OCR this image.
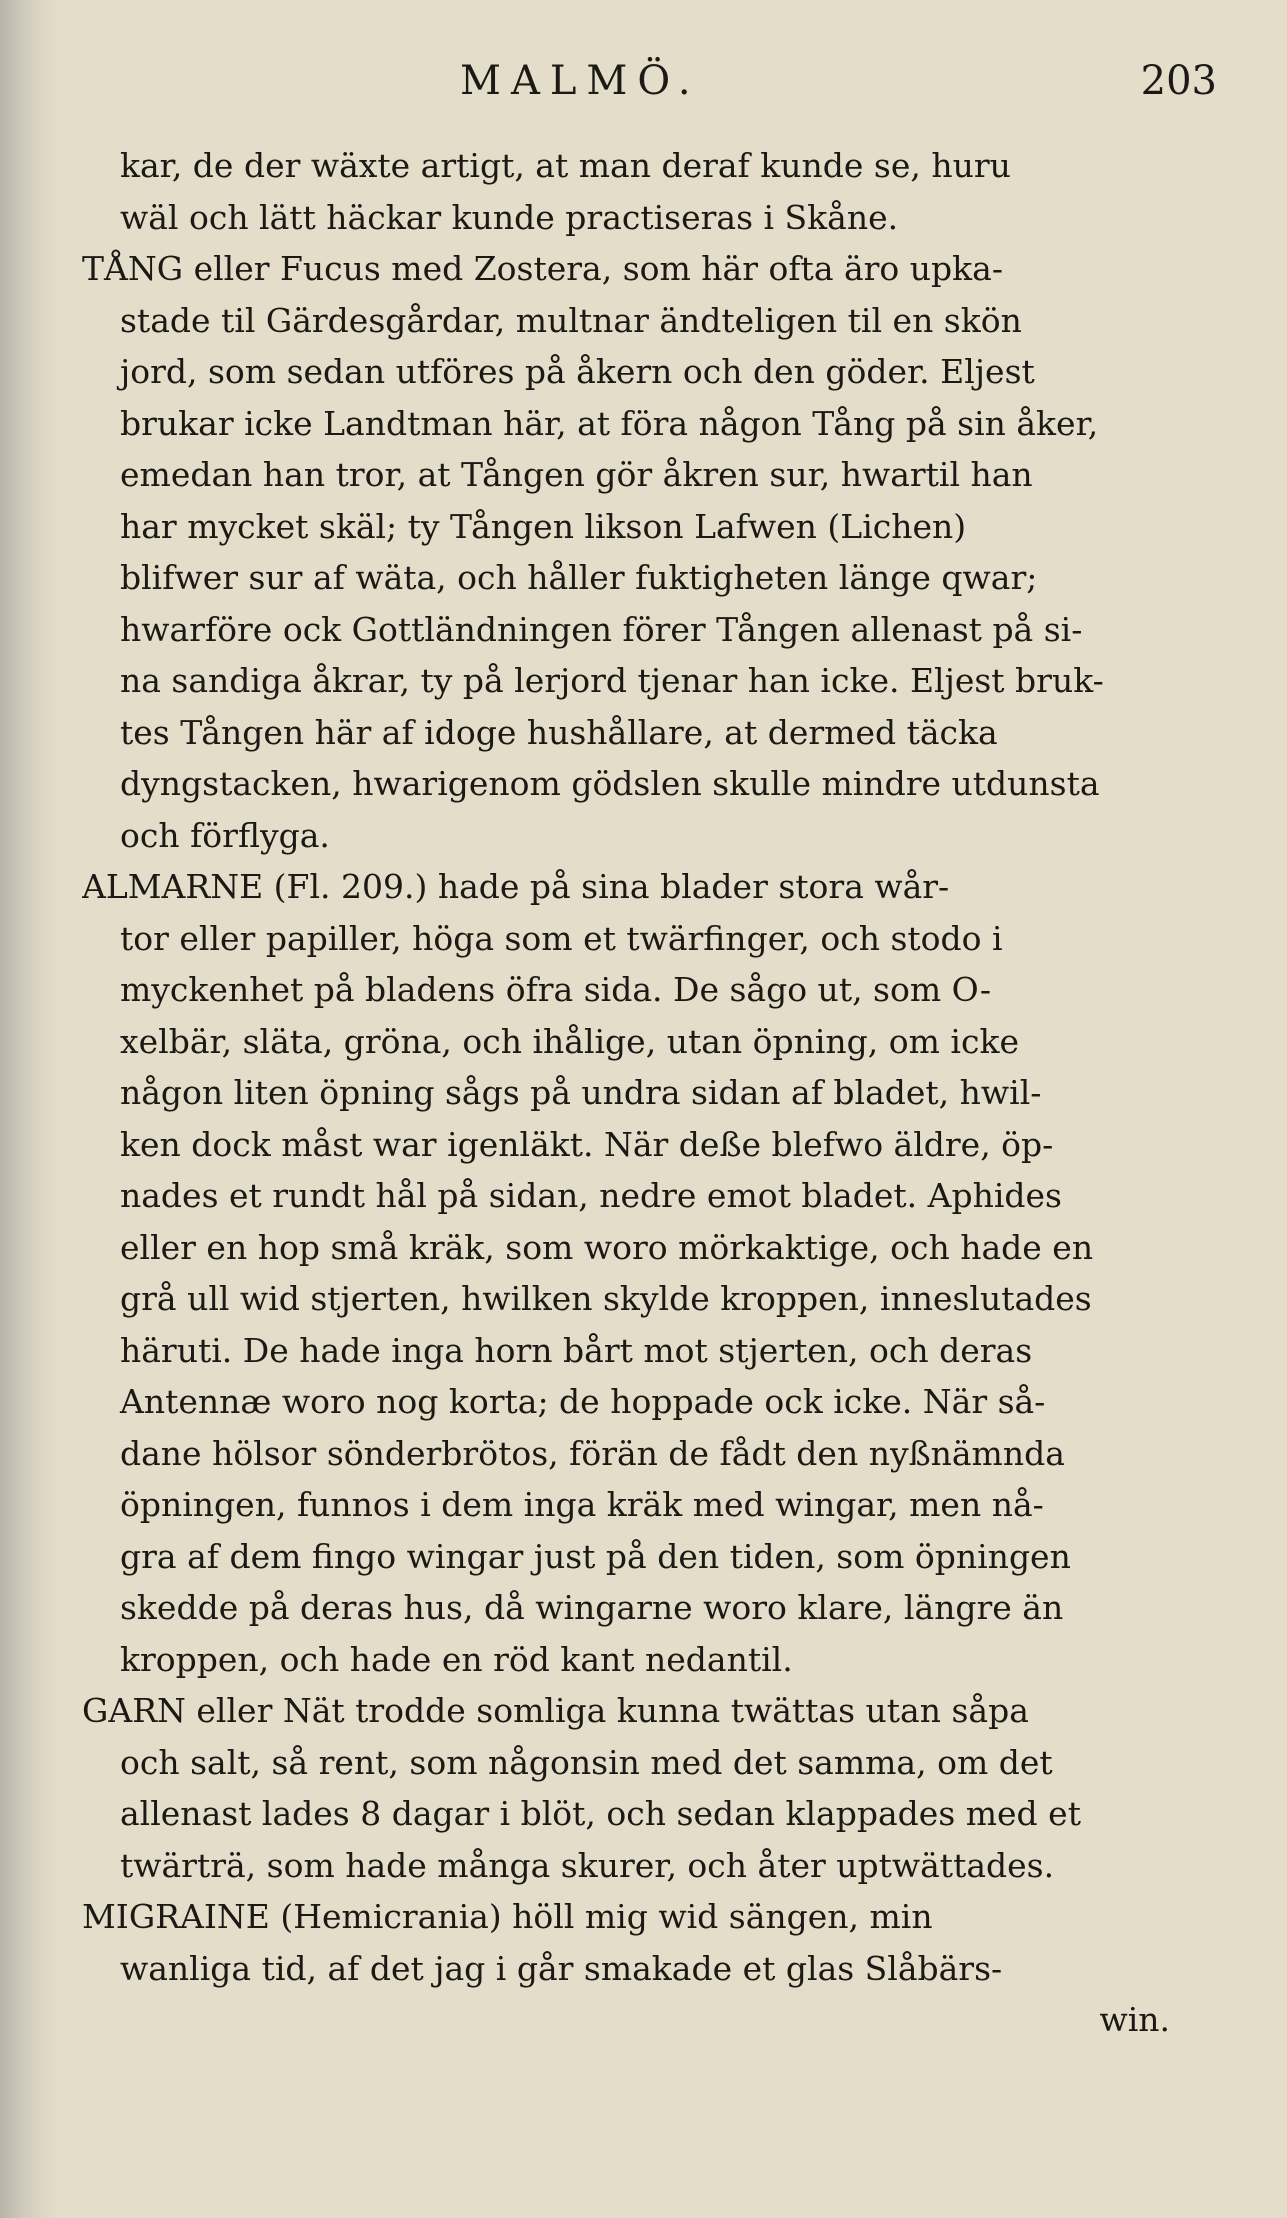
MALMÖ.	203
kar, de der wäxte artigt, at man deraf kunde se, huru
wäl och lätt häckar kunde practiseras i Skåne.
TÅNG eller Fucus med Zostera, som här ofta äro upka-
stade til Gärdesgårdar, multnar ändteligen til en skön
jord, som sedan utföres på åkern och den göder. Eljest
brukar icke Landtman här, at föra någon Tång på sin åker,
emedan han tror, at Tången gör åkren sur, hwartil han
har mycket skäl; ty Tången likson Lafwen (Lichen)
blifwer sur af wäta, och håller fuktigheten länge qwar;
hwarföre ock Gottländningen förer Tången allenast på si-
na sandiga åkrar, ty på lerjord tjenar han icke. Eljest bruk-
tes Tången här af idoge hushållare, at dermed täcka
dyngstacken, hwarigenom gödslen skulle mindre utdunsta
och förflyga.
ALMARNE (Fl. 209.) hade på sina blader stora wår-
tor eller papiller, höga som et twärfinger, och stodo i
myckenhet på bladens öfra sida. De sågo ut, som O-
xelbär, släta, gröna, och ihålige, utan öpning, om icke
någon liten öpning sågs på undra sidan af bladet, hwil-
ken dock måst war igenläkt. När deße blefwo äldre, öp-
nades et rundt hål på sidan, nedre emot bladet. Aphides
eller en hop små kräk, som woro mörkaktige, och hade en
grå ull wid stjerten, hwilken skylde kroppen, inneslutades
häruti. De hade inga horn bårt mot stjerten, och deras
Antennæ woro nog korta; de hoppade ock icke. När så-
dane hölsor sönderbrötos, förän de fådt den nyßnämnda
öpningen, funnos i dem inga kräk med wingar, men nå-
gra af dem fingo wingar just på den tiden, som öpningen
skedde på deras hus, då wingarne woro klare, längre än
kroppen, och hade en röd kant nedantil.
GARN eller Nät trodde somliga kunna twättas utan såpa
och salt, så rent, som någonsin med det samma, om det
allenast lades 8 dagar i blöt, och sedan klappades med et
twärträ, som hade många skurer, och åter uptwättades.
MIGRAINE (Hemicrania) höll mig wid sängen, min
wanliga tid, af det jag i går smakade et glas Slåbärs-
win.
